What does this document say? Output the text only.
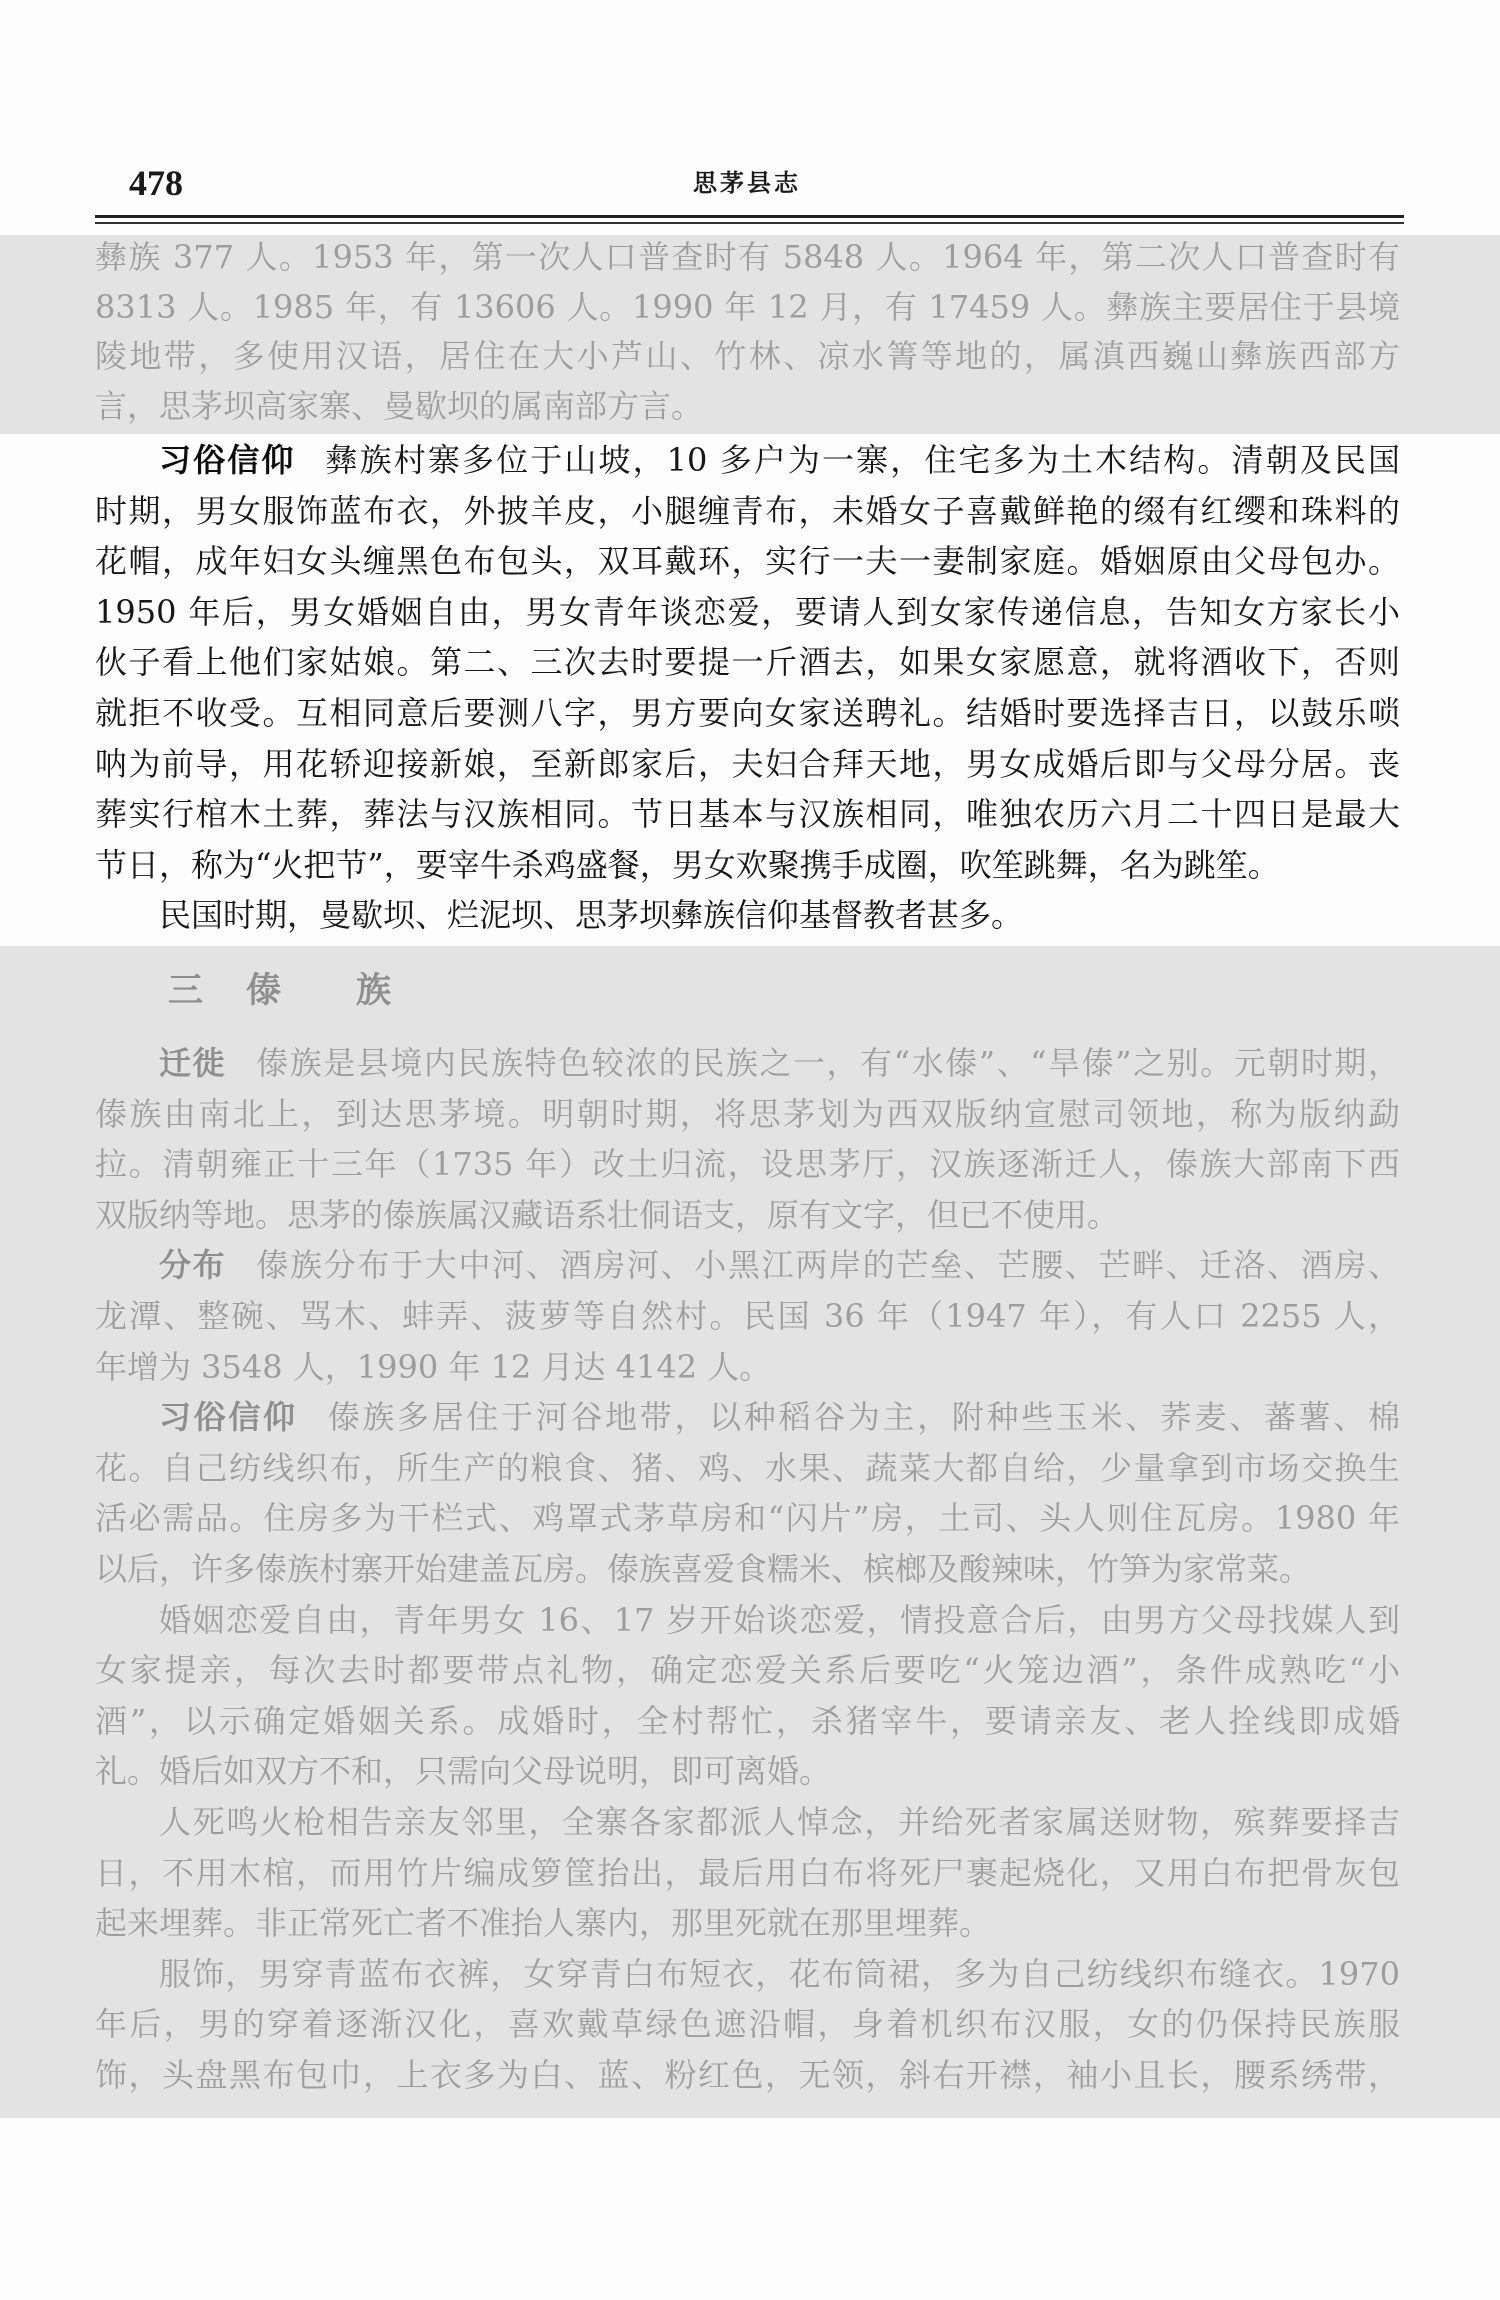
478	思茅县志
彝族 377 人。1953 年，第一次人口普查时有 5848 人。1964 年，第二次人口普查时有
8313 人。1985 年，有 13606 人。1990 年 12 月，有 17459 人。彝族主要居住于县境
陵地带，多使用汉语，居住在大小芦山、竹林、凉水箐等地的，属滇西巍山彝族西部方
言，思茅坝高家寨、曼歇坝的属南部方言。
习俗信仰 彝族村寨多位于山坡，10 多户为一寨，住宅多为土木结构。清朝及民国
时期，男女服饰蓝布衣，外披羊皮，小腿缠青布，未婚女子喜戴鲜艳的缀有红缨和珠料的
花帽，成年妇女头缠黑色布包头，双耳戴环，实行一夫一妻制家庭。婚姻原由父母包办。
1950 年后，男女婚姻自由，男女青年谈恋爱，要请人到女家传递信息，告知女方家长小
伙子看上他们家姑娘。第二、三次去时要提一斤酒去，如果女家愿意，就将酒收下，否则
就拒不收受。互相同意后要测八字，男方要向女家送聘礼。结婚时要选择吉日，以鼓乐唢
呐为前导，用花轿迎接新娘，至新郎家后，夫妇合拜天地，男女成婚后即与父母分居。丧
葬实行棺木土葬，葬法与汉族相同。节日基本与汉族相同，唯独农历六月二十四日是最大
节日，称为“火把节”，要宰牛杀鸡盛餐，男女欢聚携手成圈，吹笙跳舞，名为跳笙。
民国时期，曼歇坝、烂泥坝、思茅坝彝族信仰基督教者甚多。
三 傣 族
迁徙 傣族是县境内民族特色较浓的民族之一，有“水傣”、“旱傣”之别。元朝时期，
傣族由南北上，到达思茅境。明朝时期，将思茅划为西双版纳宣慰司领地，称为版纳勐
拉。清朝雍正十三年（1735 年）改土归流，设思茅厅，汉族逐渐迁人，傣族大部南下西
双版纳等地。思茅的傣族属汉藏语系壮侗语支，原有文字，但已不使用。
分布 傣族分布于大中河、酒房河、小黑江两岸的芒垒、芒腰、芒畔、迁洛、酒房、
龙潭、整碗、骂木、蚌弄、菠萝等自然村。民国 36 年（1947 年），有人口 2255 人，
年增为 3548 人，1990 年 12 月达 4142 人。
习俗信仰 傣族多居住于河谷地带，以种稻谷为主，附种些玉米、荞麦、蕃薯、棉
花。自己纺线织布，所生产的粮食、猪、鸡、水果、蔬菜大都自给，少量拿到市场交换生
活必需品。住房多为干栏式、鸡罩式茅草房和“闪片”房，土司、头人则住瓦房。1980 年
以后，许多傣族村寨开始建盖瓦房。傣族喜爱食糯米、槟榔及酸辣味，竹笋为家常菜。
婚姻恋爱自由，青年男女 16、17 岁开始谈恋爱，情投意合后，由男方父母找媒人到
女家提亲，每次去时都要带点礼物，确定恋爱关系后要吃“火笼边酒”，条件成熟吃“小
酒”，以示确定婚姻关系。成婚时，全村帮忙，杀猪宰牛，要请亲友、老人拴线即成婚
礼。婚后如双方不和，只需向父母说明，即可离婚。
人死鸣火枪相告亲友邻里，全寨各家都派人悼念，并给死者家属送财物，殡葬要择吉
日，不用木棺，而用竹片编成箩筐抬出，最后用白布将死尸裹起烧化，又用白布把骨灰包
起来埋葬。非正常死亡者不准抬人寨内，那里死就在那里埋葬。
服饰，男穿青蓝布衣裤，女穿青白布短衣，花布筒裙，多为自己纺线织布缝衣。1970
年后，男的穿着逐渐汉化，喜欢戴草绿色遮沿帽，身着机织布汉服，女的仍保持民族服
饰，头盘黑布包巾，上衣多为白、蓝、粉红色，无领，斜右开襟，袖小且长，腰系绣带，
